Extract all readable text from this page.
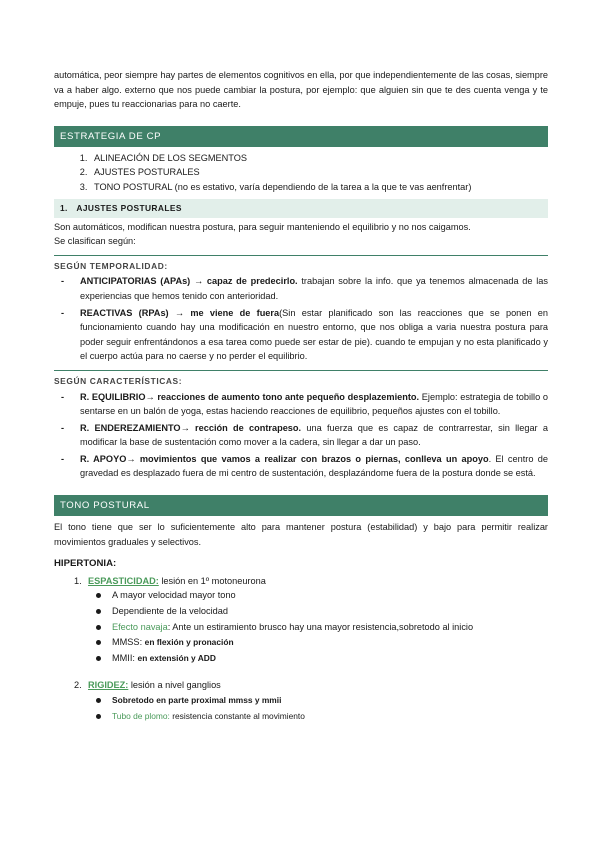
automática, peor siempre hay partes de elementos cognitivos en ella, por que independientemente de las cosas, siempre va a haber algo. externo que nos puede cambiar la postura, por ejemplo: que alguien sin que te des cuenta venga y te empuje, pues tu reaccionarias para no caerte.

ESTRATEGIA DE CP
1. ALINEACIÓN DE LOS SEGMENTOS
2. AJUSTES POSTURALES
3. TONO POSTURAL (no es estativo, varía dependiendo de la tarea a la que te vas aenfrentar)
1. AJUSTES POSTURALES

Son automáticos, modifican nuestra postura, para seguir manteniendo el equilibrio y no nos caigamos.

Se clasifican según:

SEGÚN TEMPORALIDAD:
- ANTICIPATORIAS (APAs) → capaz de predecirlo. trabajan sobre la info. que ya tenemos almacenada de las experiencias que hemos tenido con anterioridad.
- REACTIVAS (RPAs) → me viene de fuera(Sin estar planificado son las reacciones que se ponen en funcionamiento cuando hay una modificación en nuestro entorno, que nos obliga a varia nuestra postura para poder seguir enfrentándonos a esa tarea como puede ser estar de pie). cuando te empujan y no esta planificado y el cuerpo actúa para no caerse y no perder el equilibrio.
SEGÚN CARACTERÍSTICAS:
- R. EQUILIBRIO→ reacciones de aumento tono ante pequeño desplazemiento. Ejemplo: estrategia de tobillo o sentarse en un balón de yoga, estas haciendo reacciones de equilibrio, pequeños ajustes con el tobillo.
- R. ENDEREZAMIENTO→ rección de contrapeso. una fuerza que es capaz de contrarrestar, sin llegar a modificar la base de sustentación como mover a la cadera, sin llegar a dar un paso.
- R. APOYO→ movimientos que vamos a realizar con brazos o piernas, conlleva un apoyo. El centro de gravedad es desplazado fuera de mi centro de sustentación, desplazándome fuera de la postura donde se está.
TONO POSTURAL

El tono tiene que ser lo suficientemente alto para mantener postura (estabilidad) y bajo para permitir realizar movimientos graduales y selectivos.

HIPERTONIA:
1. ESPASTICIDAD: lesión en 1º motoneurona
A mayor velocidad mayor tono
Dependiente de la velocidad
Efecto navaja: Ante un estiramiento brusco hay una mayor resistencia,sobretodo al inicio
MMSS: en flexión y pronación
MMII: en extensión y ADD
2. RIGIDEZ: lesión a nivel ganglios
Sobretodo en parte proximal mmss y mmii
Tubo de plomo: resistencia constante al movimiento
